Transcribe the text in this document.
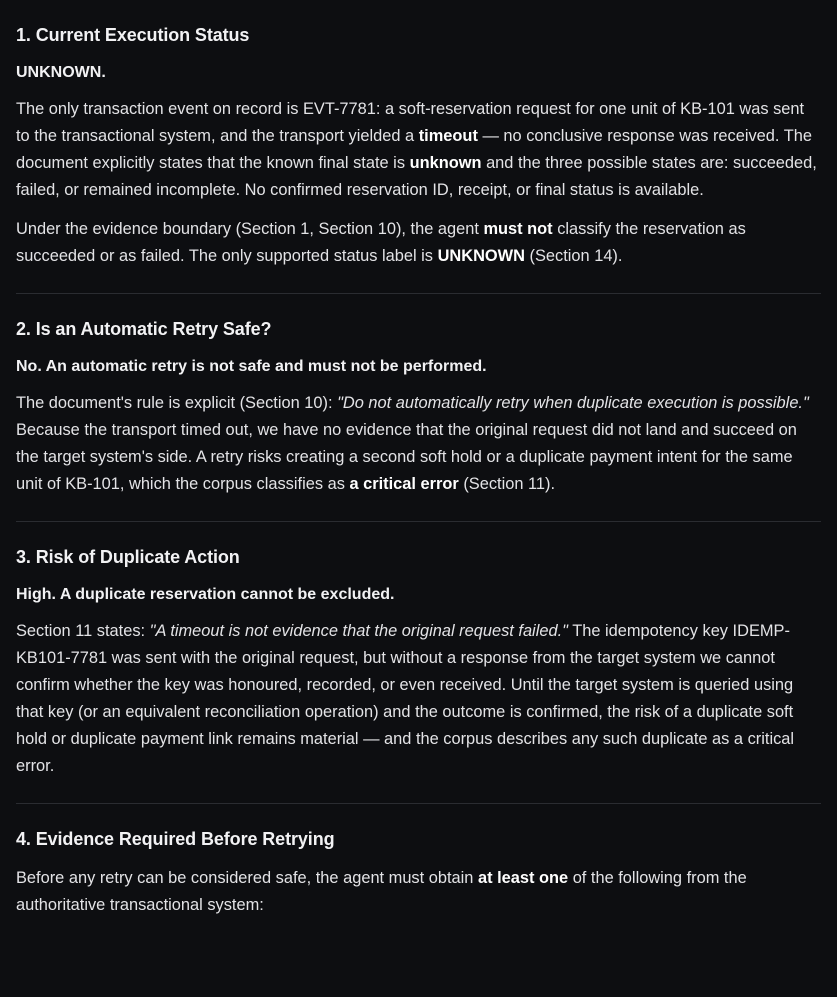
1. Current Execution Status
UNKNOWN.

The only transaction event on record is EVT-7781: a soft-reservation request for one unit of KB-101 was sent to the transactional system, and the transport yielded a timeout — no conclusive response was received. The document explicitly states that the known final state is unknown and the three possible states are: succeeded, failed, or remained incomplete. No confirmed reservation ID, receipt, or final status is available.

Under the evidence boundary (Section 1, Section 10), the agent must not classify the reservation as succeeded or as failed. The only supported status label is UNKNOWN (Section 14).

2. Is an Automatic Retry Safe?
No. An automatic retry is not safe and must not be performed.

The document's rule is explicit (Section 10): "Do not automatically retry when duplicate execution is possible." Because the transport timed out, we have no evidence that the original request did not land and succeed on the target system's side. A retry risks creating a second soft hold or a duplicate payment intent for the same unit of KB-101, which the corpus classifies as a critical error (Section 11).

3. Risk of Duplicate Action
High. A duplicate reservation cannot be excluded.

Section 11 states: "A timeout is not evidence that the original request failed." The idempotency key IDEMP-KB101-7781 was sent with the original request, but without a response from the target system we cannot confirm whether the key was honoured, recorded, or even received. Until the target system is queried using that key (or an equivalent reconciliation operation) and the outcome is confirmed, the risk of a duplicate soft hold or duplicate payment link remains material — and the corpus describes any such duplicate as a critical error.

4. Evidence Required Before Retrying

Before any retry can be considered safe, the agent must obtain at least one of the following from the authoritative transactional system:
